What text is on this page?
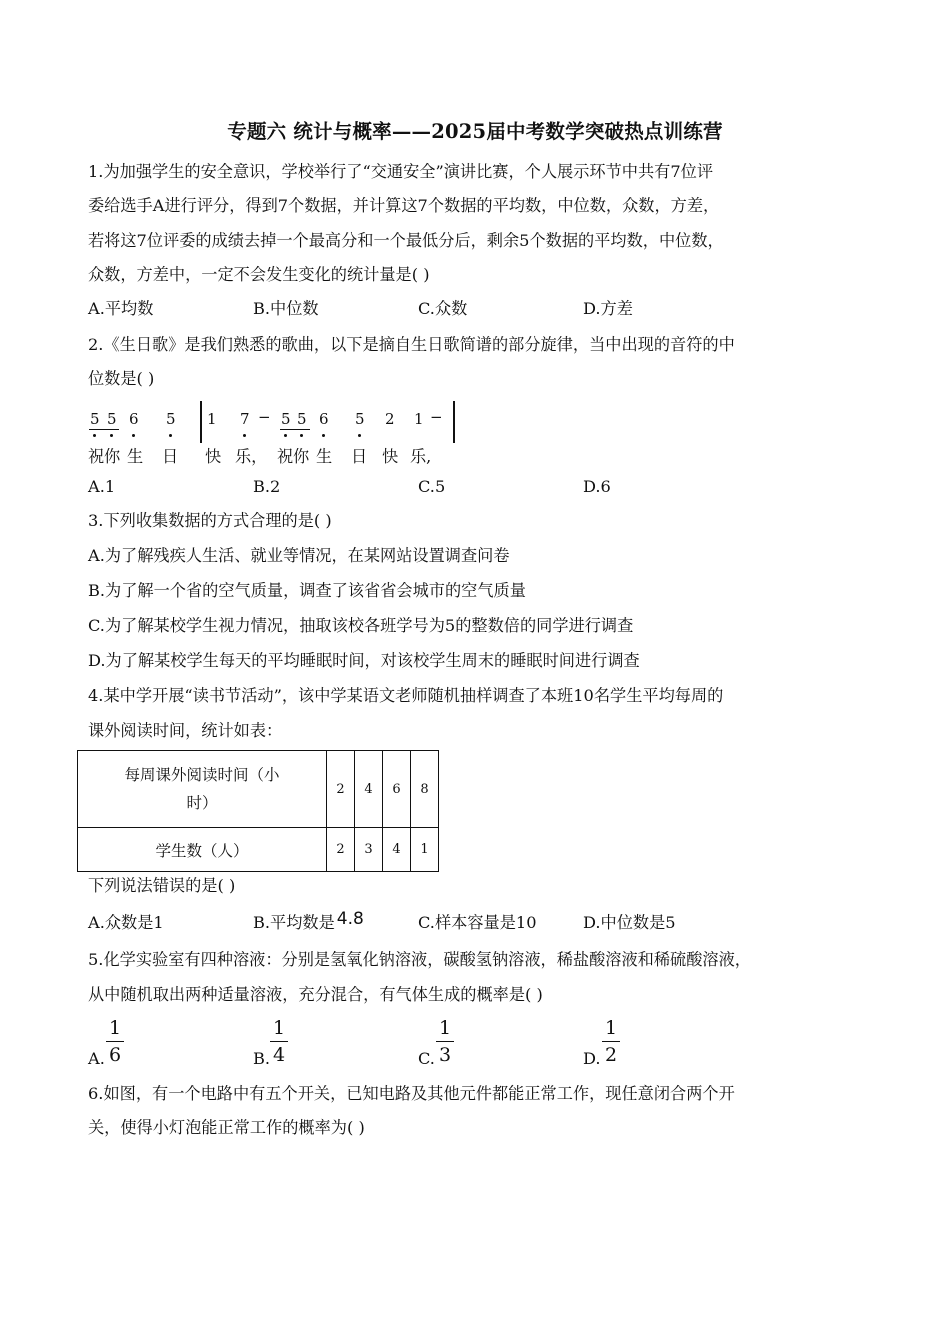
专题六 统计与概率——2025届中考数学突破热点训练营
1.为加强学生的安全意识，学校举行了“交通安全”演讲比赛，个人展示环节中共有7位评
委给选手A进行评分，得到7个数据，并计算这7个数据的平均数，中位数，众数，方差，
若将这7位评委的成绩去掉一个最高分和一个最低分后，剩余5个数据的平均数，中位数，
众数，方差中，一定不会发生变化的统计量是( )
A.平均数	B.中位数	C.众数	D.方差
2.《生日歌》是我们熟悉的歌曲，以下是摘自生日歌简谱的部分旋律，当中出现的音符的中
位数是( )
5 5 6 5 1 7 − 5 5 6 5 2 1 −
祝 你 生 日 快 乐， 祝 你 生 日 快 乐,
A.1	B.2	C.5	D.6
3.下列收集数据的方式合理的是( )
A.为了解残疾人生活、就业等情况，在某网站设置调查问卷
B.为了解一个省的空气质量，调查了该省省会城市的空气质量
C.为了解某校学生视力情况，抽取该校各班学号为5的整数倍的同学进行调查
D.为了解某校学生每天的平均睡眠时间，对该校学生周末的睡眠时间进行调查
4.某中学开展“读书节活动”，该中学某语文老师随机抽样调查了本班10名学生平均每周的
课外阅读时间，统计如表：
每周课外阅读时间（小
时）	2	4	6	8
学生数（人）	2	3	4	1
下列说法错误的是( )
A.众数是1	B.平均数是 4.8	C.样本容量是10	D.中位数是5
5.化学实验室有四种溶液：分别是氢氧化钠溶液，碳酸氢钠溶液，稀盐酸溶液和稀硫酸溶液，
从中随机取出两种适量溶液，充分混合，有气体生成的概率是( )
A.
1
6	B.
1
4	C.
1
3	D.
1
2
6.如图，有一个电路中有五个开关，已知电路及其他元件都能正常工作，现任意闭合两个开
关，使得小灯泡能正常工作的概率为( )
